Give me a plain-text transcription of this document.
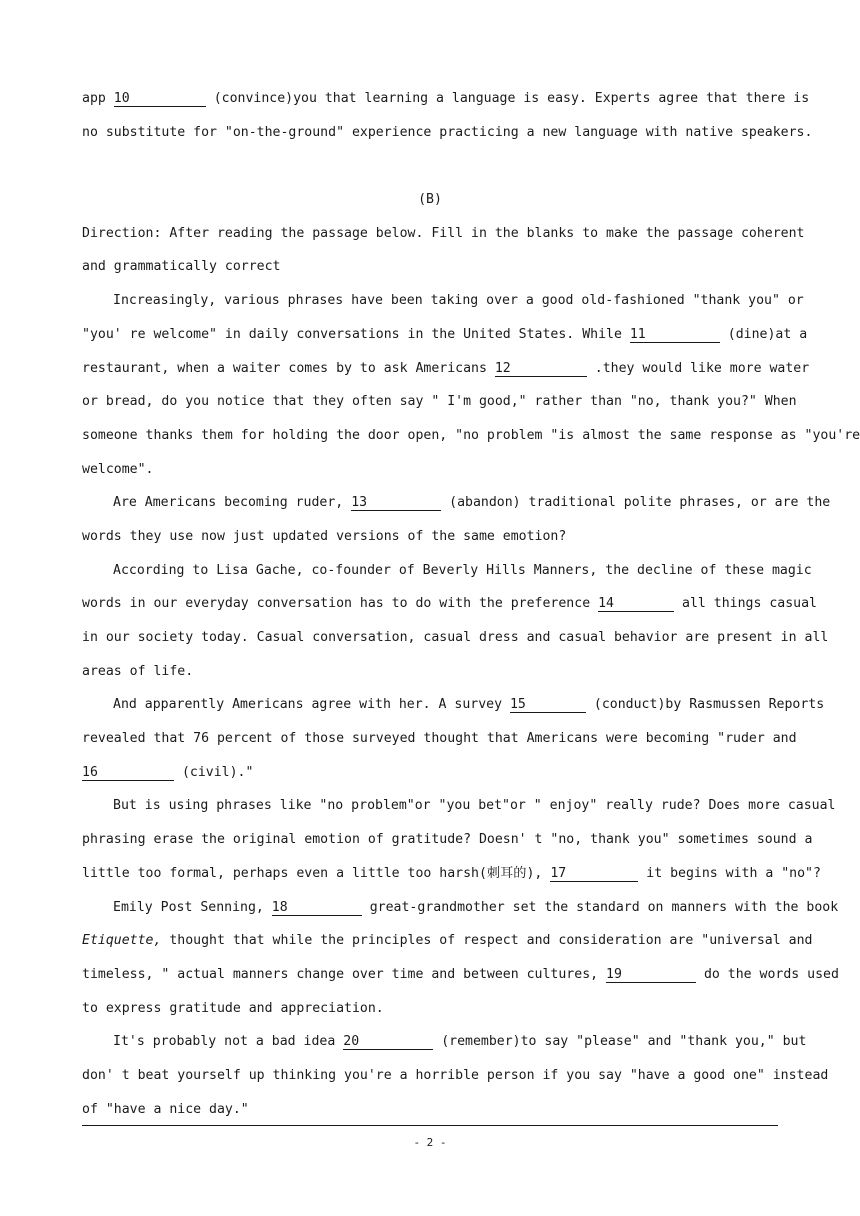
app 10	(convince)you that learning a language is easy. Experts agree that there is
no substitute for "on-the-ground" experience practicing a new language with native speakers.
(B)
Direction: After reading the passage below. Fill in the blanks to make the passage coherent
and grammatically correct
Increasingly, various phrases have been taking over a good old-fashioned "thank you" or
"you' re welcome" in daily conversations in the United States. While 11	(dine)at a
restaurant, when a waiter comes by to ask Americans 12	.they would like more water
or bread, do you notice that they often say " I'm good," rather than "no, thank you?" When
someone thanks them for holding the door open, "no problem "is almost the same response as "you're
welcome".
Are Americans becoming ruder, 13	(abandon) traditional polite phrases, or are the
words they use now just updated versions of the same emotion?
According to Lisa Gache, co-founder of Beverly Hills Manners, the decline of these magic
words in our everyday conversation has to do with the preference 14	all things casual
in our society today. Casual conversation, casual dress and casual behavior are present in all
areas of life.
And apparently Americans agree with her. A survey 15	(conduct)by Rasmussen Reports
revealed that 76 percent of those surveyed thought that Americans were becoming "ruder and
16	(civil)."
But is using phrases like "no problem"or "you bet"or " enjoy" really rude? Does more casual
phrasing erase the original emotion of gratitude? Doesn' t "no, thank you" sometimes sound a
little too formal, perhaps even a little too harsh(刺耳的), 17	it begins with a "no"?
Emily Post Senning, 18	great-grandmother set the standard on manners with the book
Etiquette, thought that while the principles of respect and consideration are "universal and
timeless, " actual manners change over time and between cultures, 19	do the words used
to express gratitude and appreciation.
It's probably not a bad idea 20	(remember)to say "please" and "thank you," but
don' t beat yourself up thinking you're a horrible person if you say "have a good one" instead
of "have a nice day."
- 2 -
